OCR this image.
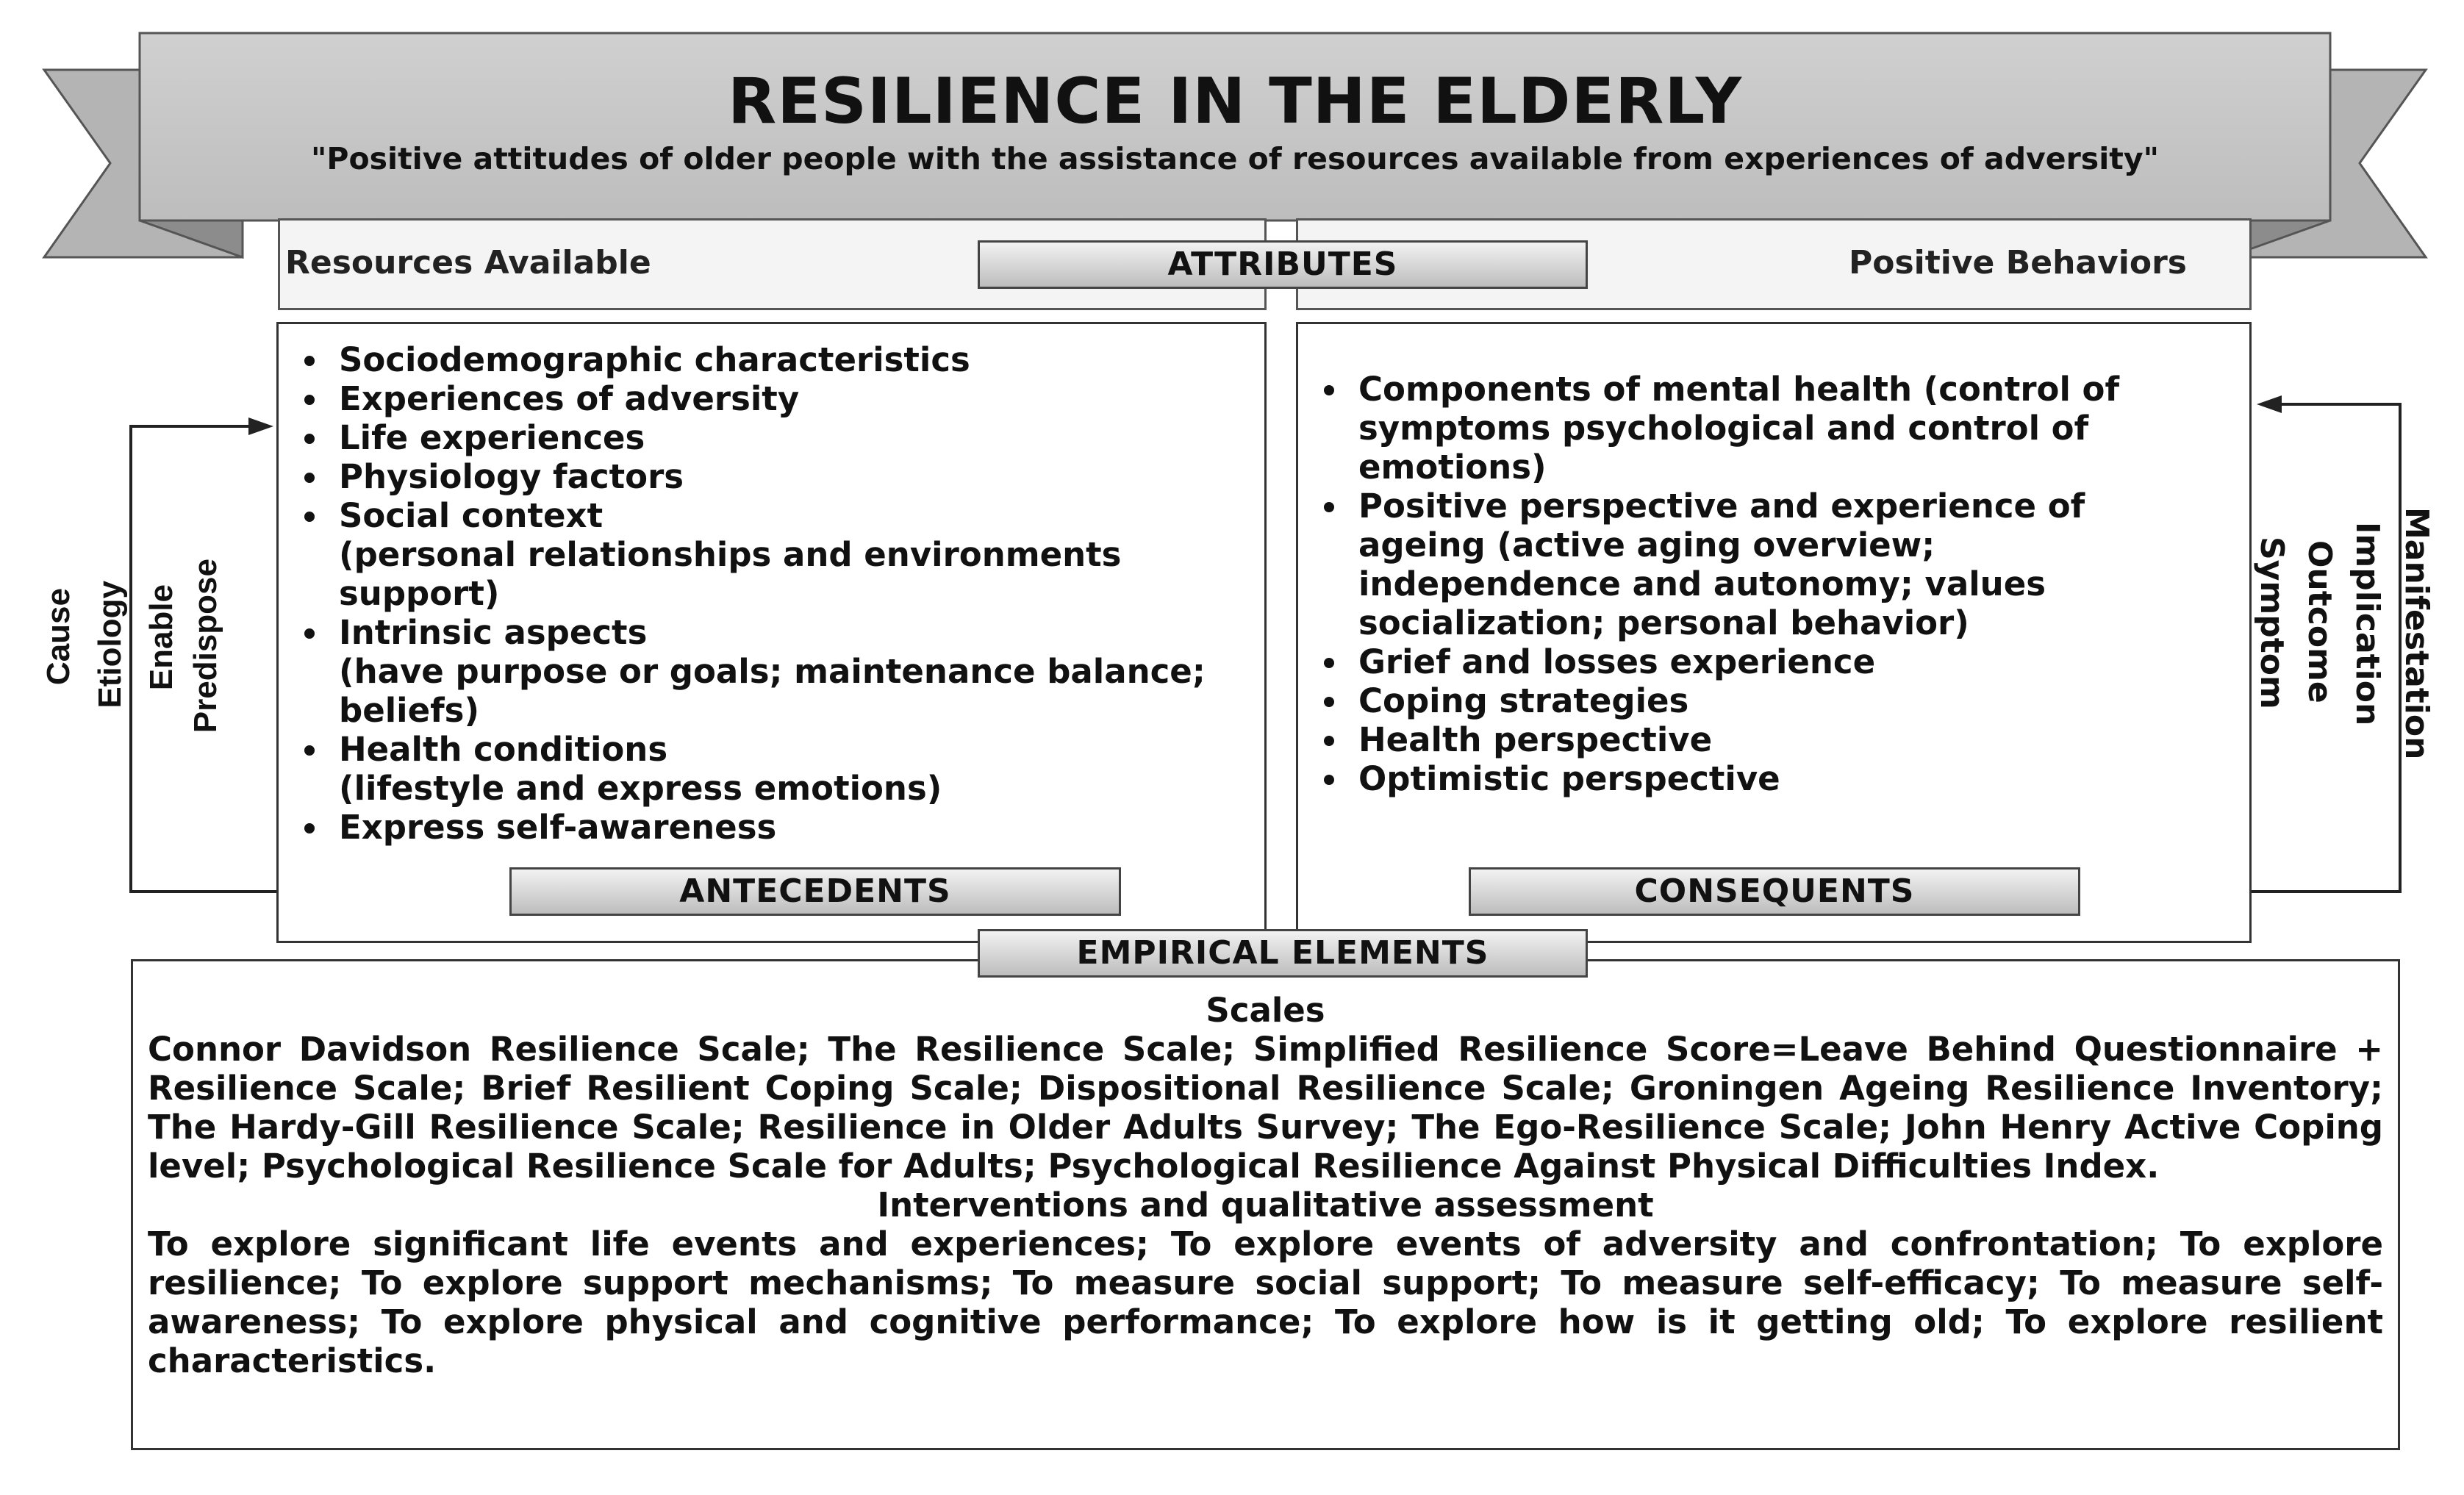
RESILIENCE IN THE ELDERLY
"Positive attitudes of older people with the assistance of resources available from experiences of adversity"
Resources Available	Positive Behaviors
ATTRIBUTES
• Sociodemographic characteristics
• Experiences of adversity
• Life experiences
• Physiology factors
• Social context
(personal relationships and environments support)
• Intrinsic aspects
(have purpose or goals; maintenance balance; beliefs)
• Health conditions
(lifestyle and express emotions)
• Express self-awareness
• Components of mental health (control of symptoms psychological and control of emotions)
• Positive perspective and experience of ageing (active aging overview; independence and autonomy; values socialization; personal behavior)
• Grief and losses experience
• Coping strategies
• Health perspective
• Optimistic perspective
ANTECEDENTS	CONSEQUENTS
Cause Etiology Enable Predispose	Manifestation
Implication
Outcome
Symptom
Scales
Connor Davidson Resilience Scale; The Resilience Scale; Simplified Resilience Score=Leave Behind Questionnaire + Resilience Scale; Brief Resilient Coping Scale; Dispositional Resilience Scale; Groningen Ageing Resilience Inventory; The Hardy-Gill Resilience Scale; Resilience in Older Adults Survey; The Ego-Resilience Scale; John Henry Active Coping level; Psychological Resilience Scale for Adults; Psychological Resilience Against Physical Difficulties Index.
Interventions and qualitative assessment
To explore significant life events and experiences; To explore events of adversity and confrontation; To explore resilience; To explore support mechanisms; To measure social support; To measure self-efficacy; To measure self-awareness; To explore physical and cognitive performance; To explore how is it getting old; To explore resilient characteristics.
EMPIRICAL ELEMENTS
